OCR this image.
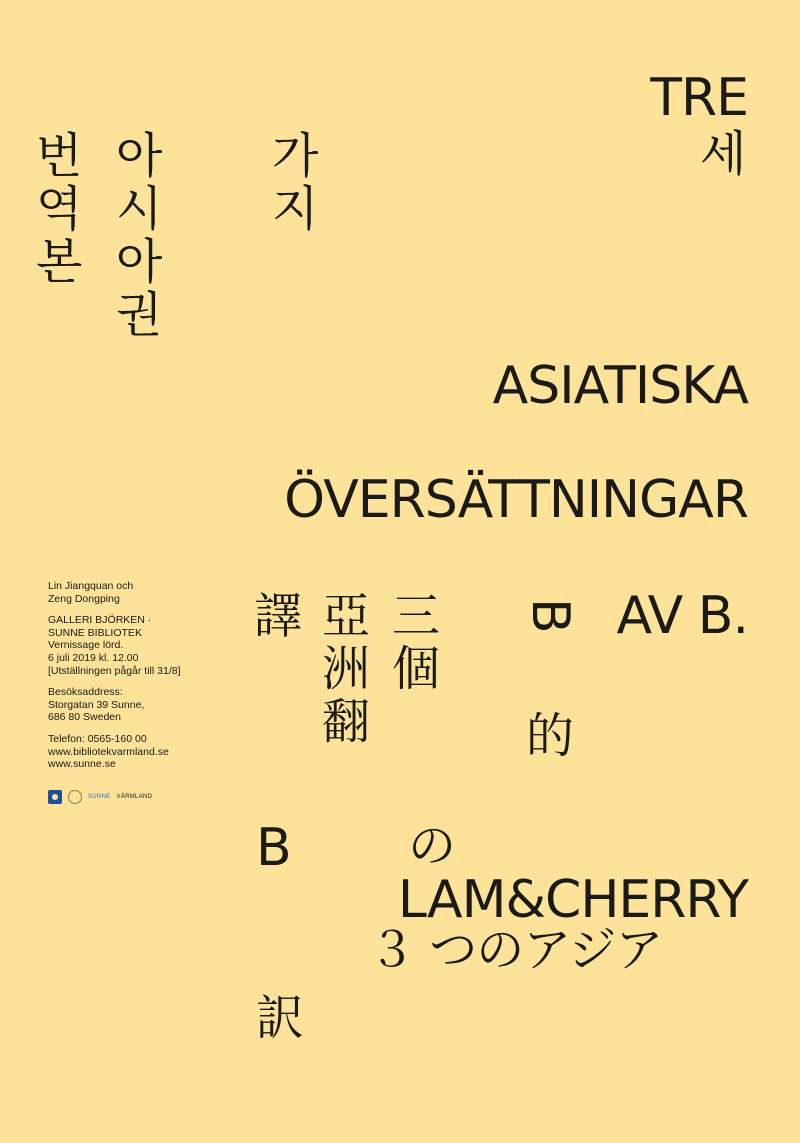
TRE
ASIATISKA
ÖVERSÄTTNINGAR
AV B.
LAM&CHERRY
세
가
지
아
시
아
권
번
역
본
B
的
三
個
亞
洲
翻
譯
B の
３ つのアジア
訳

Lin Jiangquan och
Zeng Dongping

GALLERI BJÖRKEN ·
SUNNE BIBLIOTEK
Vernissage lörd.
6 juli 2019 kl. 12.00
[Utställningen pågår till 31/8]

Besöksaddress:
Storgatan 39 Sunne,
686 80 Sweden

Telefon: 0565-160 00
www.bibliotekvarmland.se
www.sunne.se

SUNNE VÄRMLAND
